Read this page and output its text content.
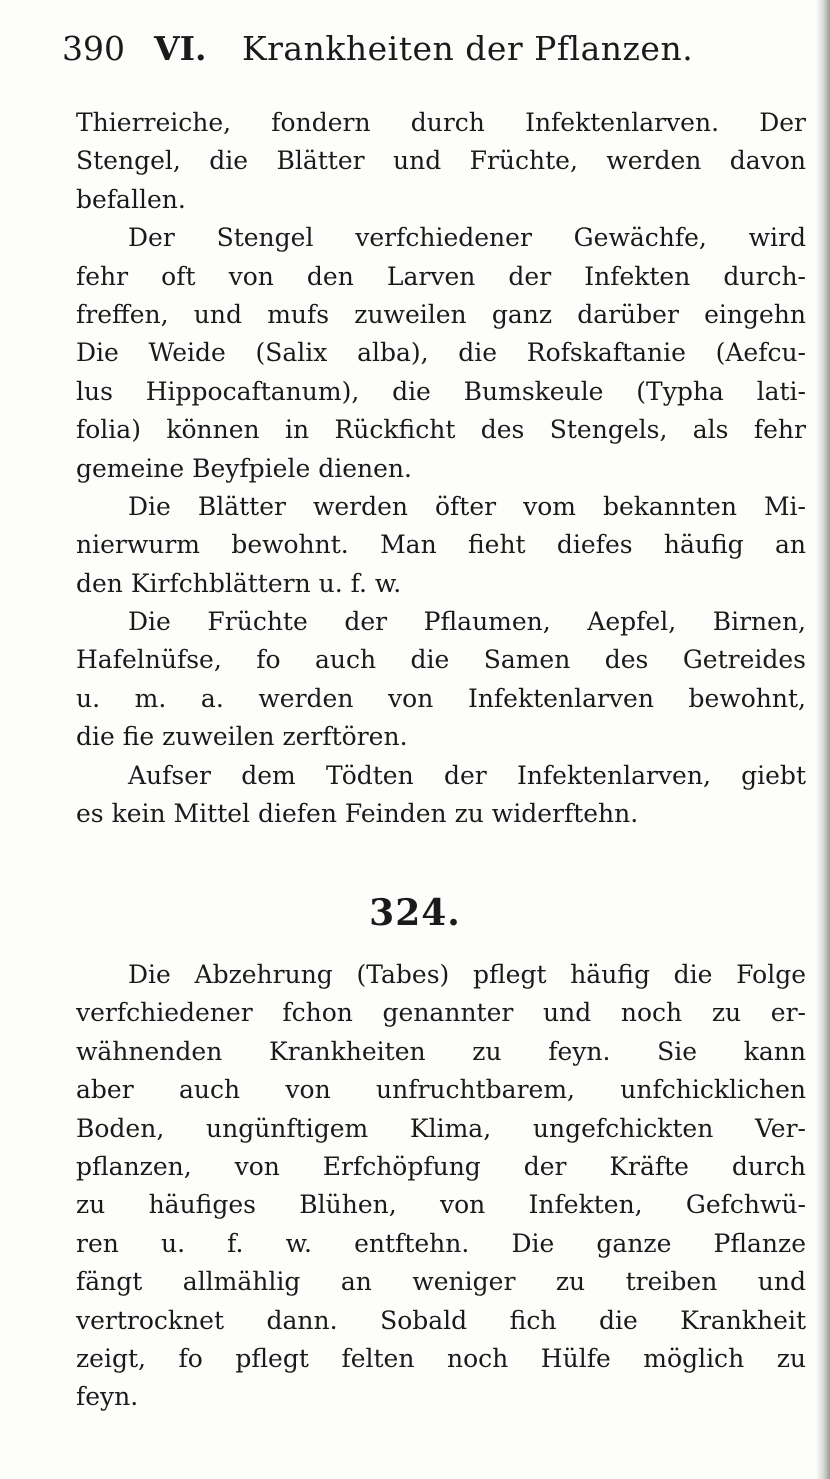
390 VI. Krankheiten der Pflanzen.
Thierreiche, fondern durch Infektenlarven. Der
Stengel, die Blätter und Früchte, werden davon
befallen.
Der Stengel verfchiedener Gewächfe, wird
fehr oft von den Larven der Infekten durch-
freffen, und mufs zuweilen ganz darüber eingehn
Die Weide (Salix alba), die Rofskaftanie (Aefcu-
lus Hippocaftanum), die Bumskeule (Typha lati-
folia) können in Rückficht des Stengels, als fehr
gemeine Beyfpiele dienen.
Die Blätter werden öfter vom bekannten Mi-
nierwurm bewohnt. Man fieht diefes häufig an
den Kirfchblättern u. f. w.
Die Früchte der Pflaumen, Aepfel, Birnen,
Hafelnüfse, fo auch die Samen des Getreides
u. m. a. werden von Infektenlarven bewohnt,
die fie zuweilen zerftören.
Aufser dem Tödten der Infektenlarven, giebt
es kein Mittel diefen Feinden zu widerftehn.
324.
Die Abzehrung (Tabes) pflegt häufig die Folge
verfchiedener fchon genannter und noch zu er-
wähnenden Krankheiten zu feyn. Sie kann
aber auch von unfruchtbarem, unfchicklichen
Boden, ungünftigem Klima, ungefchickten Ver-
pflanzen, von Erfchöpfung der Kräfte durch
zu häufiges Blühen, von Infekten, Gefchwü-
ren u. f. w. entftehn. Die ganze Pflanze
fängt allmählig an weniger zu treiben und
vertrocknet dann. Sobald fich die Krankheit
zeigt, fo pflegt felten noch Hülfe möglich zu
feyn.
